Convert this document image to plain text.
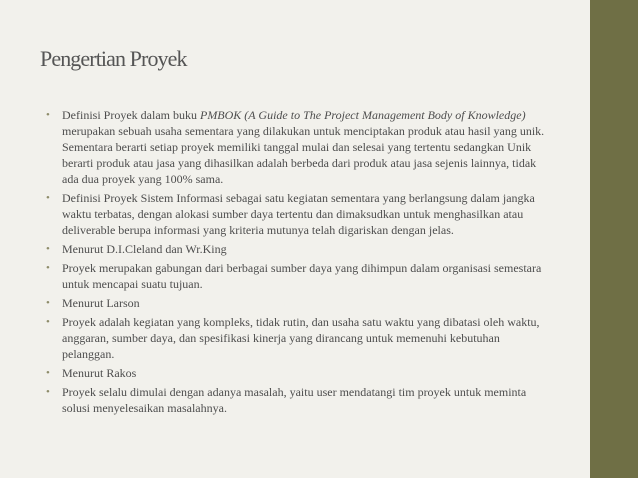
Pengertian Proyek
• Definisi Proyek dalam buku PMBOK (A Guide to The Project Management Body of Knowledge) merupakan sebuah usaha sementara yang dilakukan untuk menciptakan produk atau hasil yang unik. Sementara berarti setiap proyek memiliki tanggal mulai dan selesai yang tertentu sedangkan Unik berarti produk atau jasa yang dihasilkan adalah berbeda dari produk atau jasa sejenis lainnya, tidak ada dua proyek yang 100% sama.
• Definisi Proyek Sistem Informasi sebagai satu kegiatan sementara yang berlangsung dalam jangka waktu terbatas, dengan alokasi sumber daya tertentu dan dimaksudkan untuk menghasilkan atau deliverable berupa informasi yang kriteria mutunya telah digariskan dengan jelas.
• Menurut D.I.Cleland dan Wr.King
• Proyek merupakan gabungan dari berbagai sumber daya yang dihimpun dalam organisasi semestara untuk mencapai suatu tujuan.
• Menurut Larson
• Proyek adalah kegiatan yang kompleks, tidak rutin, dan usaha satu waktu yang dibatasi oleh waktu, anggaran, sumber daya, dan spesifikasi kinerja yang dirancang untuk memenuhi kebutuhan pelanggan.
• Menurut Rakos
• Proyek selalu dimulai dengan adanya masalah, yaitu user mendatangi tim proyek untuk meminta solusi menyelesaikan masalahnya.
